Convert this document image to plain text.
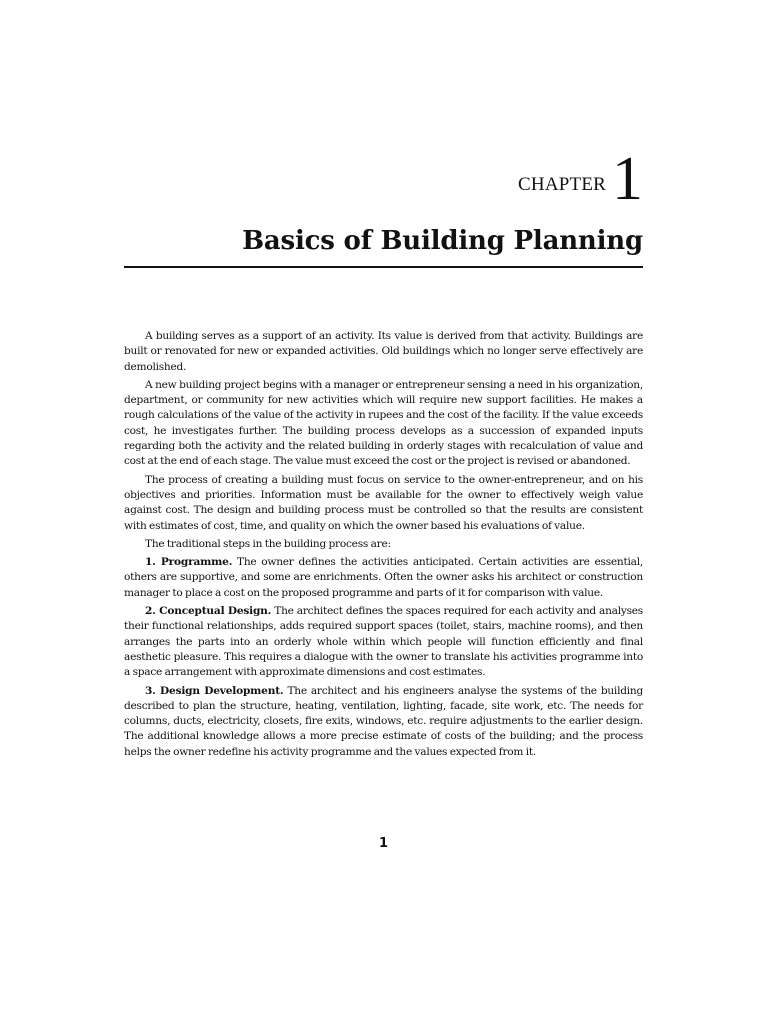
CHAPTER1
Basics of Building Planning

A building serves as a support of an activity. Its value is derived from that activity. Buildings are built or renovated for new or expanded activities. Old buildings which no longer serve effectively are demolished.

A new building project begins with a manager or entrepreneur sensing a need in his organization, department, or community for new activities which will require new support facilities. He makes a rough calculations of the value of the activity in rupees and the cost of the facility. If the value exceeds cost, he investigates further. The building process develops as a succession of expanded inputs regarding both the activity and the related building in orderly stages with recalculation of value and cost at the end of each stage. The value must exceed the cost or the project is revised or abandoned.

The process of creating a building must focus on service to the owner-entrepreneur, and on his objectives and priorities. Information must be available for the owner to effectively weigh value against cost. The design and building process must be controlled so that the results are consistent with estimates of cost, time, and quality on which the owner based his evaluations of value.

The traditional steps in the building process are:

1. Programme. The owner defines the activities anticipated. Certain activities are essential, others are supportive, and some are enrichments. Often the owner asks his architect or construction manager to place a cost on the proposed programme and parts of it for comparison with value.

2. Conceptual Design. The architect defines the spaces required for each activity and analyses their functional relationships, adds required support spaces (toilet, stairs, machine rooms), and then arranges the parts into an orderly whole within which people will function efficiently and final aesthetic pleasure. This requires a dialogue with the owner to translate his activities programme into a space arrangement with approximate dimensions and cost estimates.

3. Design Development. The architect and his engineers analyse the systems of the building described to plan the structure, heating, ventilation, lighting, facade, site work, etc. The needs for columns, ducts, electricity, closets, fire exits, windows, etc. require adjustments to the earlier design. The additional knowledge allows a more precise estimate of costs of the building; and the process helps the owner redefine his activity programme and the values expected from it.

1
